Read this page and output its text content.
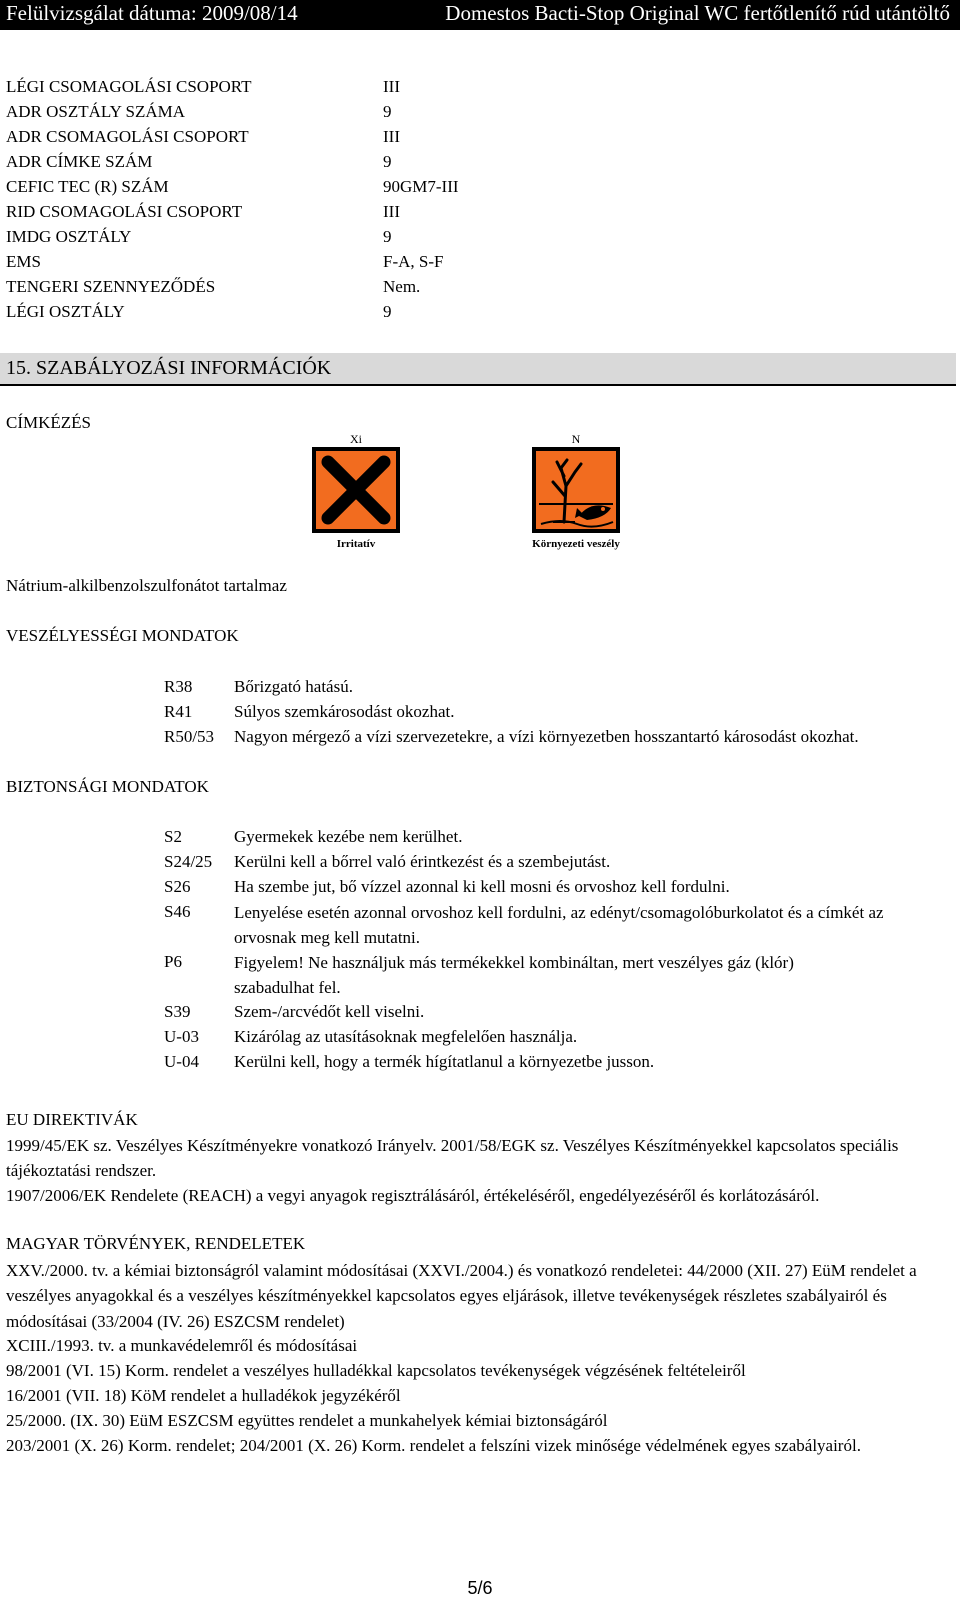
Felülvizsgálat dátuma: 2009/08/14	Domestos Bacti-Stop Original WC fertőtlenítő rúd utántöltő
LÉGI CSOMAGOLÁSI CSOPORT	III
ADR OSZTÁLY SZÁMA	9
ADR CSOMAGOLÁSI CSOPORT	III
ADR CÍMKE SZÁM	9
CEFIC TEC (R) SZÁM	90GM7-III
RID CSOMAGOLÁSI CSOPORT	III
IMDG OSZTÁLY	9
EMS	F-A, S-F
TENGERI SZENNYEZŐDÉS	Nem.
LÉGI OSZTÁLY	9
15. SZABÁLYOZÁSI INFORMÁCIÓK
CÍMKÉZÉS
Xi
Irritatív
N
Környezeti veszély
Nátrium-alkilbenzolszulfonátot tartalmaz
VESZÉLYESSÉGI MONDATOK
R38 Bőrizgató hatású.
R41 Súlyos szemkárosodást okozhat.
R50/53 Nagyon mérgező a vízi szervezetekre, a vízi környezetben hosszantartó károsodást okozhat.
BIZTONSÁGI MONDATOK
S2	Gyermekek kezébe nem kerülhet.
S24/25 Kerülni kell a bőrrel való érintkezést és a szembejutást.
S26	Ha szembe jut, bő vízzel azonnal ki kell mosni és orvoshoz kell fordulni.
S46	Lenyelése esetén azonnal orvoshoz kell fordulni, az edényt/csomagolóburkolatot és a címkét az orvosnak meg kell mutatni.
P6	Figyelem! Ne használjuk más termékekkel kombináltan, mert veszélyes gáz (klór) szabadulhat fel.
S39	Szem-/arcvédőt kell viselni.
U-03 Kizárólag az utasításoknak megfelelően használja.
U-04 Kerülni kell, hogy a termék hígítatlanul a környezetbe jusson.
EU DIREKTIVÁK
1999/45/EK sz. Veszélyes Készítményekre vonatkozó Irányelv. 2001/58/EGK sz. Veszélyes Készítményekkel kapcsolatos speciális tájékoztatási rendszer.
1907/2006/EK Rendelete (REACH) a vegyi anyagok regisztrálásáról, értékeléséről, engedélyezéséről és korlátozásáról.
MAGYAR TÖRVÉNYEK, RENDELETEK
XXV./2000. tv. a kémiai biztonságról valamint módosításai (XXVI./2004.) és vonatkozó rendeletei: 44/2000 (XII. 27) EüM rendelet a veszélyes anyagokkal és a veszélyes készítményekkel kapcsolatos egyes eljárások, illetve tevékenységek részletes szabályairól és módosításai (33/2004 (IV. 26) ESZCSM rendelet)
XCIII./1993. tv. a munkavédelemről és módosításai
98/2001 (VI. 15) Korm. rendelet a veszélyes hulladékkal kapcsolatos tevékenységek végzésének feltételeiről
16/2001 (VII. 18) KöM rendelet a hulladékok jegyzékéről
25/2000. (IX. 30) EüM ESZCSM együttes rendelet a munkahelyek kémiai biztonságáról
203/2001 (X. 26) Korm. rendelet; 204/2001 (X. 26) Korm. rendelet a felszíni vizek minősége védelmének egyes szabályairól.
5/6
